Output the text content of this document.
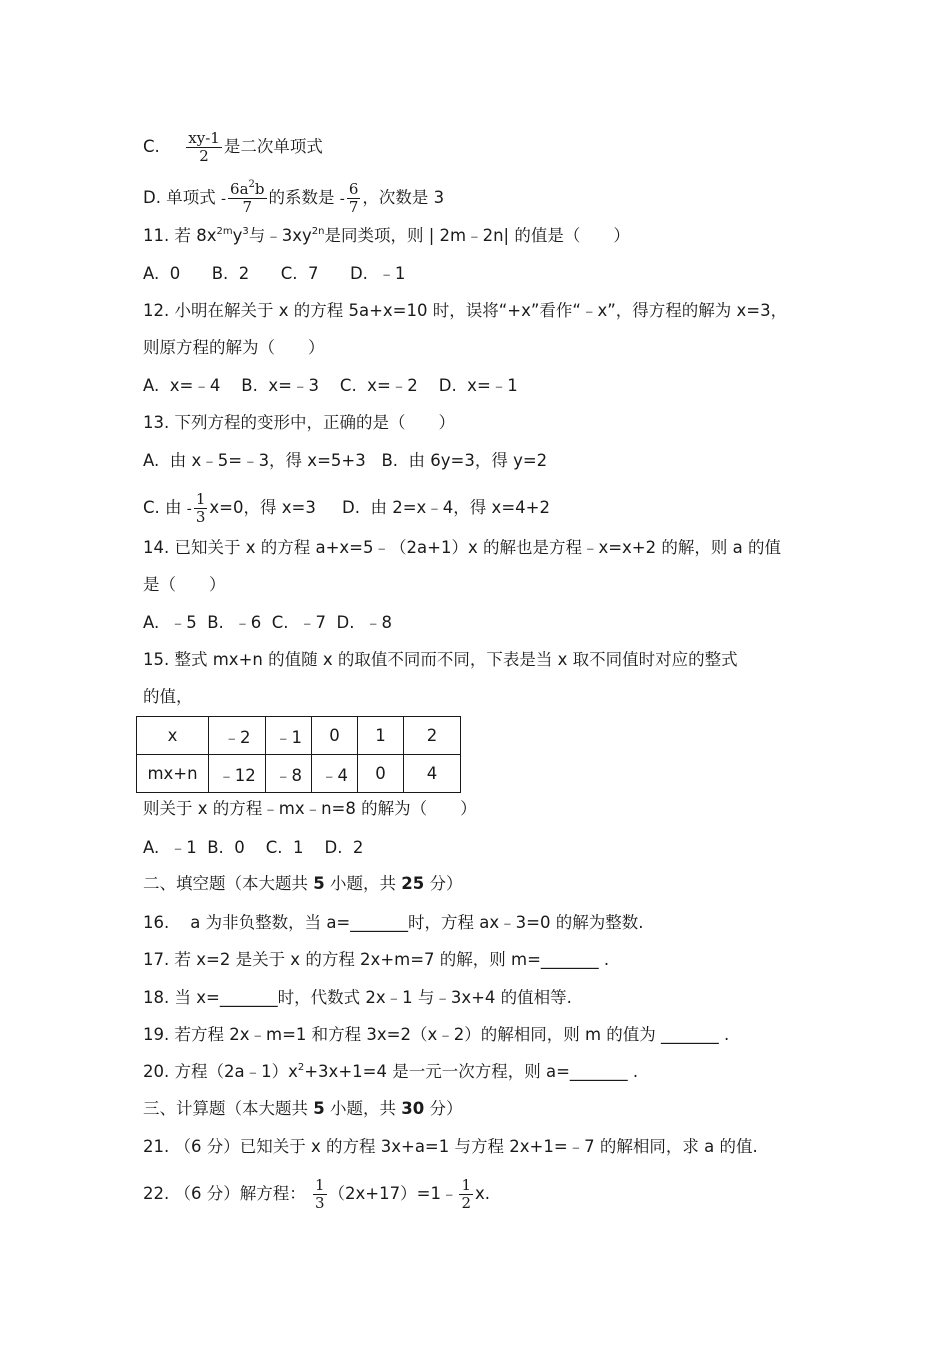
C. $\frac{xy-1}{2}$ 是二次单项式
D. 单项式 - $\frac{6a^2b}{7}$ 的系数是 - $\frac{6}{7}$ ，次数是 3
11. 若 $8x^{2m}y^3$与$﹣3xy^{2n}$是同类项，则 | 2m﹣2n| 的值是（　　）
A.  0      B.  2      C.  7      D.  ﹣1
12. 小明在解关于 x 的方程 5a+x=10 时，误将“+x”看作“﹣x”，得方程的解为 x=3，
则原方程的解为（　　）
A.  x=﹣4    B.  x=﹣3    C.  x=﹣2    D.  x=﹣1
13. 下列方程的变形中，正确的是（　　）
A.  由 x﹣5=﹣3，得 x=5+3   B.  由 6y=3，得 y=2
C. 由 - $\frac{1}{3} x=0$，得 x=3     D.  由 2=x﹣4，得 x=4+2
14. 已知关于 x 的方程 a+x=5﹣（2a+1）x 的解也是方程﹣x=x+2 的解，则 a 的值
是（　　）
A.  ﹣5  B.  ﹣6  C.  ﹣7  D.  ﹣8
15. 整式 mx+n 的值随 x 的取值不同而不同，下表是当 x 取不同值时对应的整式
的值，
x	﹣2	﹣1	0	1	2
mx+n	﹣12	﹣8	﹣4	0	4
则关于 x 的方程﹣mx﹣n=8 的解为（　　）
A.  ﹣1  B.  0    C.  1    D.  2
二、填空题（本大题共 5 小题，共 25 分）
16.    a 为非负整数，当 a=_______时，方程 ax﹣3=0 的解为整数.
17. 若 x=2 是关于 x 的方程 2x+m=7 的解，则 m=_______ .
18. 当 x=_______时，代数式 2x﹣1 与﹣3x+4 的值相等.
19. 若方程 2x﹣m=1 和方程 3x=2（x﹣2）的解相同，则 m 的值为 _______ .
20. 方程$(2a﹣1)x^2+3x+1=4$ 是一元一次方程，则 a=_______ .
三、计算题（本大题共 5 小题，共 30 分）
21. （6 分）已知关于 x 的方程 3x+a=1 与方程 2x+1=﹣7 的解相同，求 a 的值.
22. （6 分）解方程： $\frac{1}{3}$ （2x+17）=1﹣ $\frac{1}{2} x$.
